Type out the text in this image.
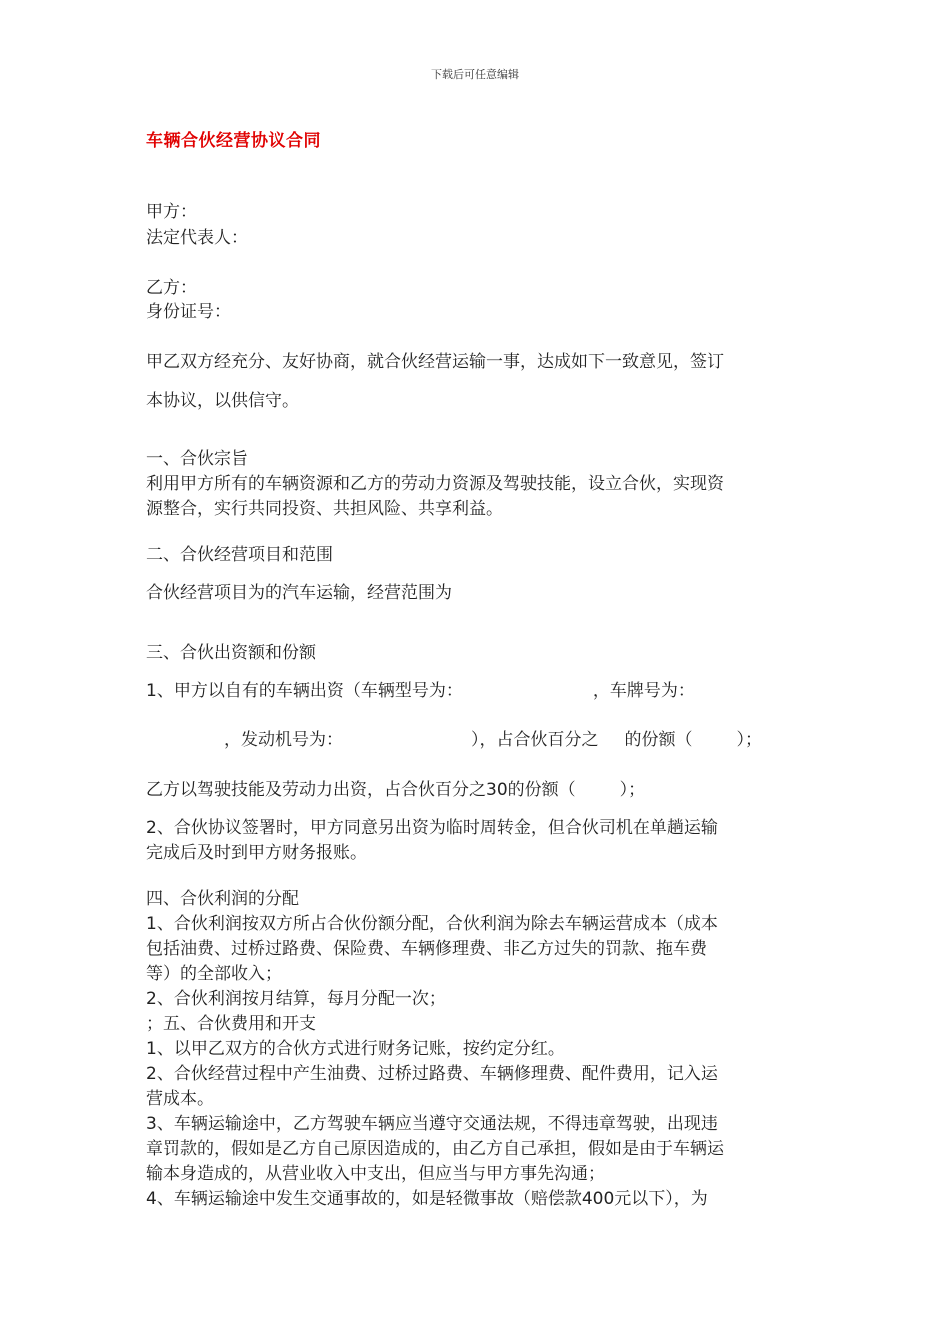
下载后可任意编辑
车辆合伙经营协议合同
甲方：
法定代表人：
乙方：
身份证号：
甲乙双方经充分、友好协商，就合伙经营运输一事，达成如下一致意见，签订
本协议，以供信守。
一、合伙宗旨
利用甲方所有的车辆资源和乙方的劳动力资源及驾驶技能，设立合伙，实现资
源整合，实行共同投资、共担风险、共享利益。
二、合伙经营项目和范围
合伙经营项目为的汽车运输，经营范围为
三、合伙出资额和份额
1、甲方以自有的车辆出资（车辆型号为：	，车牌号为：
，发动机号为：	），占合伙百分之 的份额（	）；
乙方以驾驶技能及劳动力出资，占合伙百分之30的份额（	）；
2、合伙协议签署时，甲方同意另出资为临时周转金，但合伙司机在单趟运输
完成后及时到甲方财务报账。
四、合伙利润的分配
1、合伙利润按双方所占合伙份额分配，合伙利润为除去车辆运营成本（成本
包括油费、过桥过路费、保险费、车辆修理费、非乙方过失的罚款、拖车费
等）的全部收入；
2、合伙利润按月结算，每月分配一次；
；五、合伙费用和开支
1、以甲乙双方的合伙方式进行财务记账，按约定分红。
2、合伙经营过程中产生油费、过桥过路费、车辆修理费、配件费用，记入运
营成本。
3、车辆运输途中，乙方驾驶车辆应当遵守交通法规，不得违章驾驶，出现违
章罚款的，假如是乙方自己原因造成的，由乙方自己承担，假如是由于车辆运
输本身造成的，从营业收入中支出，但应当与甲方事先沟通；
4、车辆运输途中发生交通事故的，如是轻微事故（赔偿款400元以下），为
